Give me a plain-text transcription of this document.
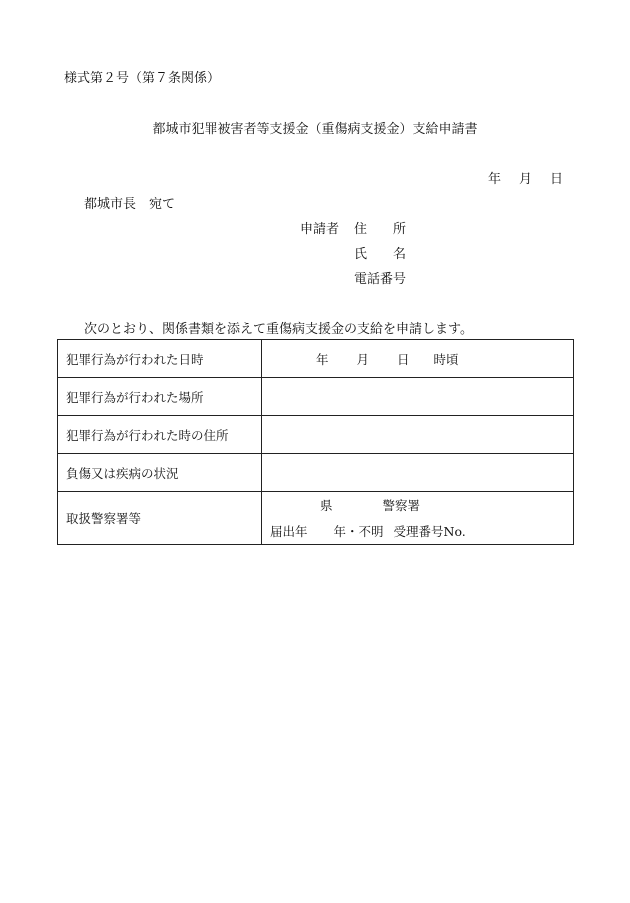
様式第２号（第７条関係）
都城市犯罪被害者等支援金（重傷病支援金）支給申請書
年 月 日
都城市長　宛て
申請者 住　　所
氏　　名
電話番号
次のとおり、関係書類を添えて重傷病支援金の支給を申請します。
犯罪行為が行われた日時	年 月 日 時頃
犯罪行為が行われた場所	
犯罪行為が行われた時の住所	
負傷又は疾病の状況	
取扱警察署等	県 警察署
届出年 年・不明 受理番号No.
